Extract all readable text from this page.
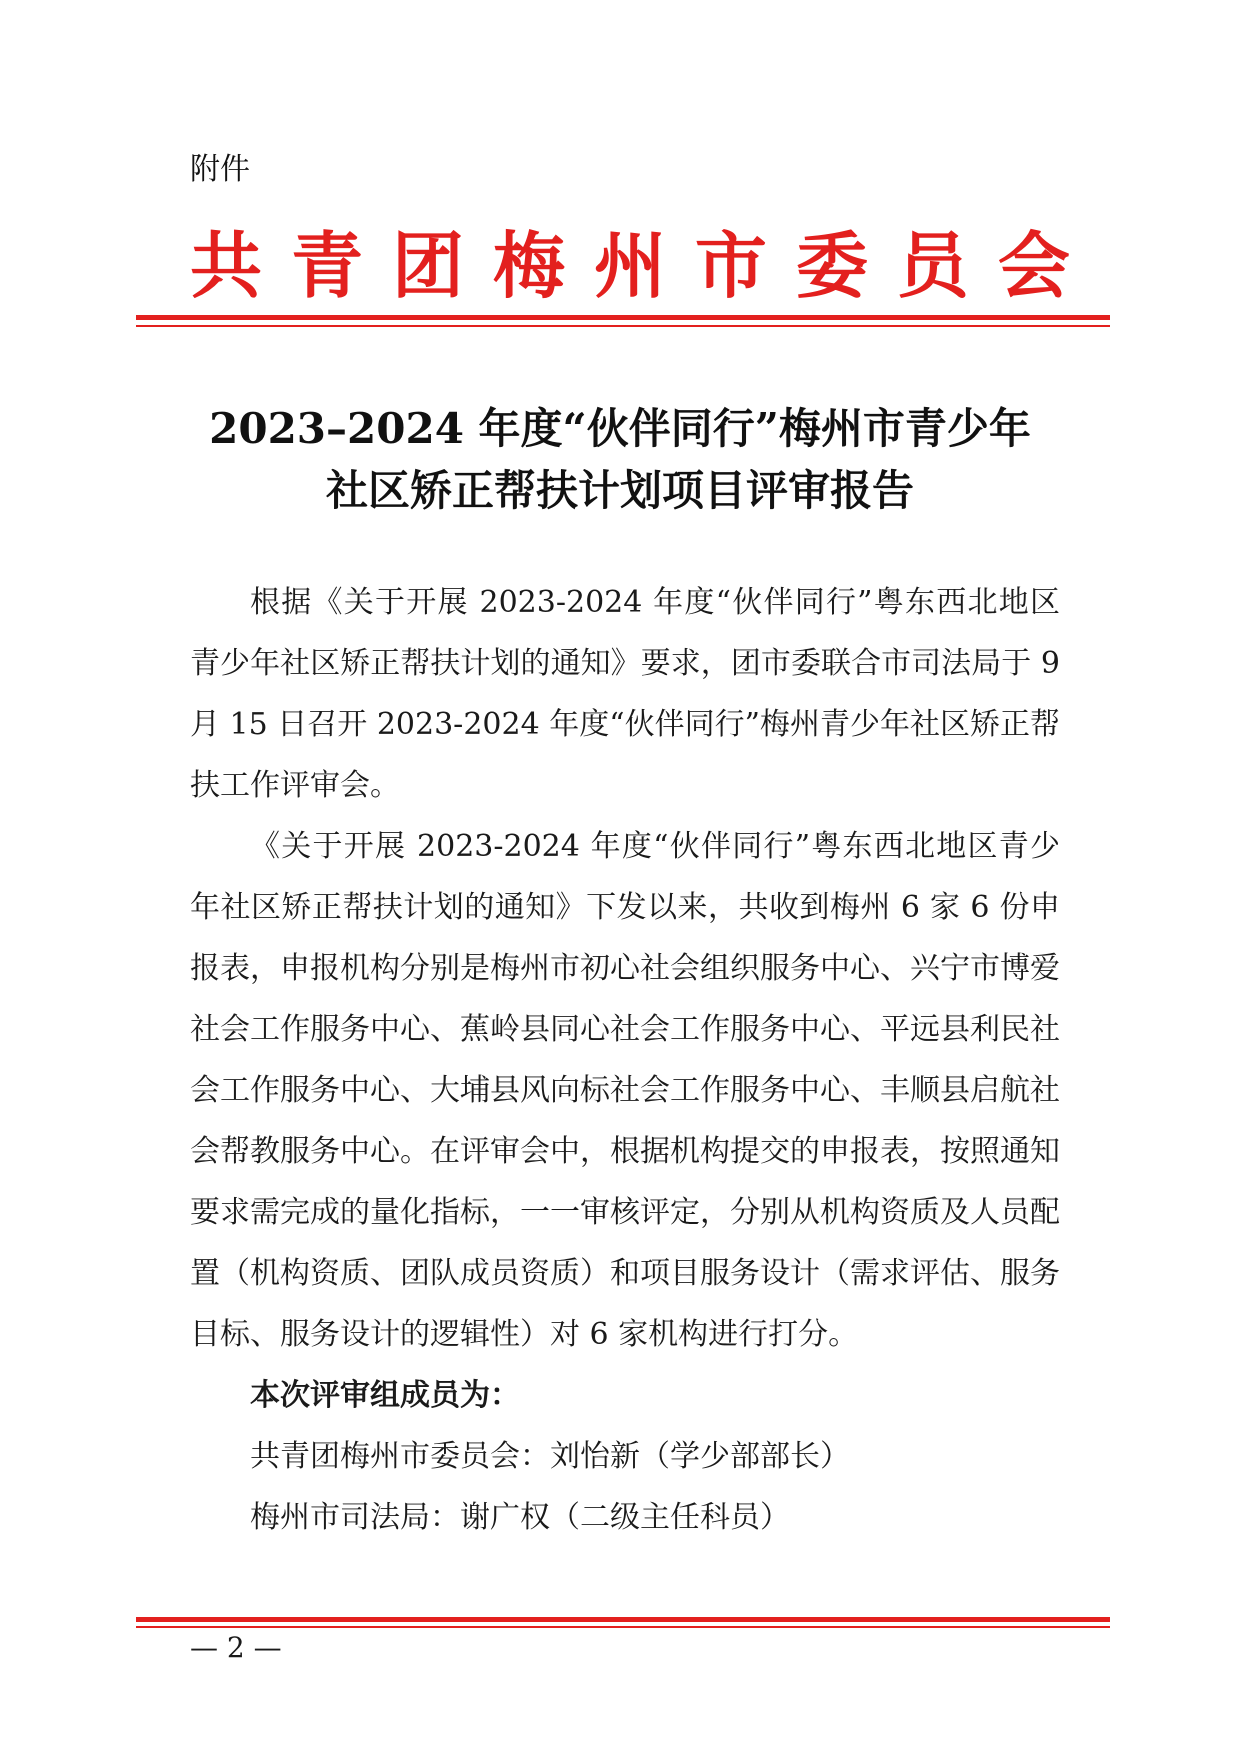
附件
共 青 团 梅 州 市 委 员 会
2023–2024 年度“伙伴同行”梅州市青少年
社区矫正帮扶计划项目评审报告

根据《关于开展 2023-2024 年度“伙伴同行”粤东西北地区青少年社区矫正帮扶计划的通知》要求，团市委联合市司法局于 9 月 15 日召开 2023-2024 年度“伙伴同行”梅州青少年社区矫正帮扶工作评审会。

《关于开展 2023-2024 年度“伙伴同行”粤东西北地区青少年社区矫正帮扶计划的通知》下发以来，共收到梅州 6 家 6 份申报表，申报机构分别是梅州市初心社会组织服务中心、兴宁市博爱社会工作服务中心、蕉岭县同心社会工作服务中心、平远县利民社会工作服务中心、大埔县风向标社会工作服务中心、丰顺县启航社会帮教服务中心。在评审会中，根据机构提交的申报表，按照通知要求需完成的量化指标，一一审核评定，分别从机构资质及人员配置（机构资质、团队成员资质）和项目服务设计（需求评估、服务目标、服务设计的逻辑性）对 6 家机构进行打分。

本次评审组成员为：

共青团梅州市委员会：刘怡新（学少部部长）

梅州市司法局：谢广权（二级主任科员）

— 2 —
